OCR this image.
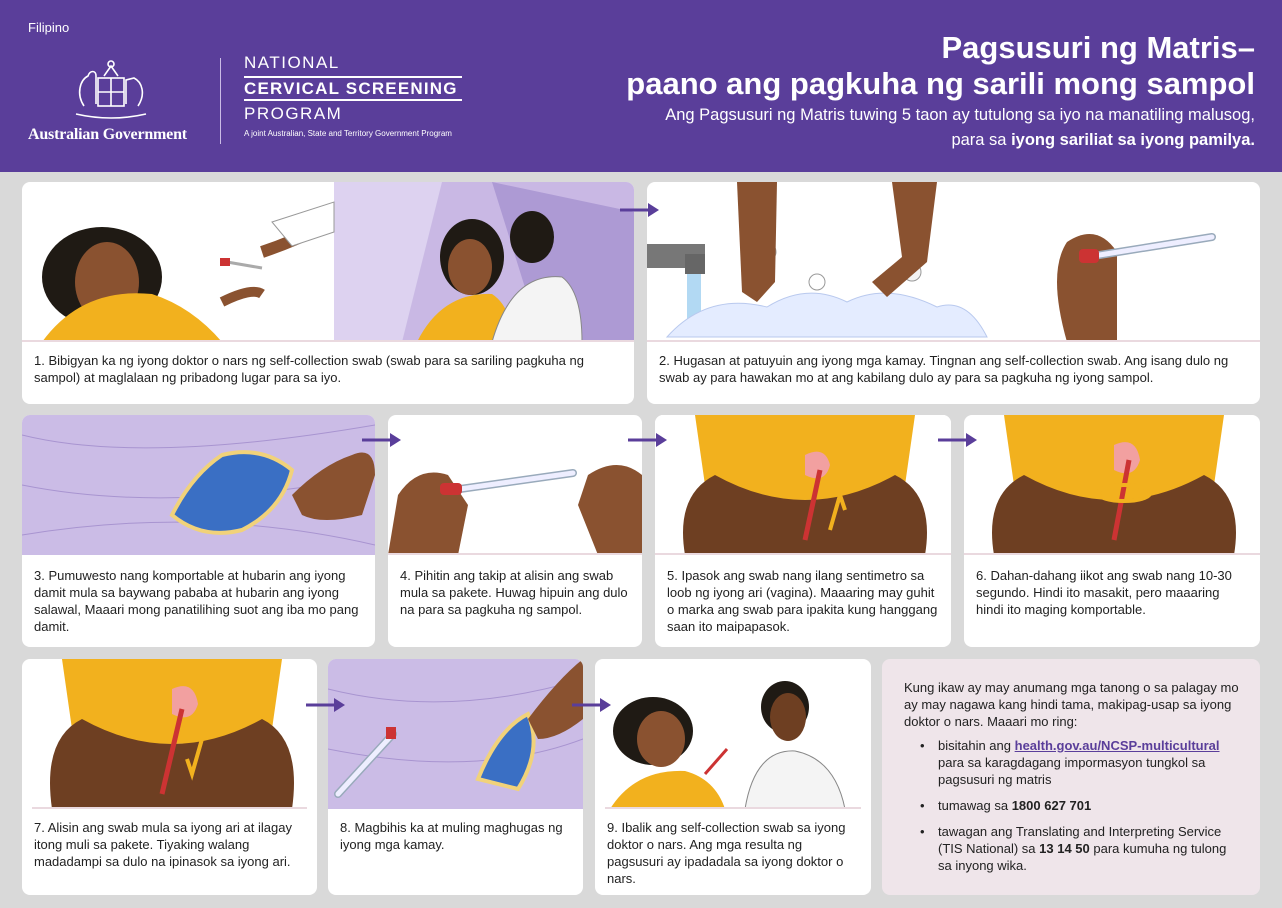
Filipino
Australian Government
NATIONAL
CERVICAL SCREENING
PROGRAM
A joint Australian, State and Territory Government Program
Pagsusuri ng Matris–
paano ang pagkuha ng sarili mong sampol
Ang Pagsusuri ng Matris tuwing 5 taon ay tutulong sa iyo na manatiling malusog,
para sa iyong sariliat sa iyong pamilya.
1. Bibigyan ka ng iyong doktor o nars ng self-collection swab (swab para sa sariling pagkuha ng sampol) at maglalaan ng pribadong lugar para sa iyo.
2. Hugasan at patuyuin ang iyong mga kamay. Tingnan ang self-collection swab. Ang isang dulo ng swab ay para hawakan mo at ang kabilang dulo ay para sa pagkuha ng iyong sampol.
3. Pumuwesto nang komportable at hubarin ang iyong damit mula sa baywang pababa at hubarin ang iyong salawal, Maaari mong panatilihing suot ang iba mo pang damit.
4. Pihitin ang takip at alisin ang swab mula sa pakete. Huwag hipuin ang dulo na para sa pagkuha ng sampol.
5. Ipasok ang swab nang ilang sentimetro sa loob ng iyong ari (vagina). Maaaring may guhit o marka ang swab para ipakita kung hanggang saan ito maipapasok.
6. Dahan-dahang iikot ang swab nang 10-30 segundo. Hindi ito masakit, pero maaaring hindi ito maging komportable.
7. Alisin ang swab mula sa iyong ari at ilagay itong muli sa pakete. Tiyaking walang madadampi sa dulo na ipinasok sa iyong ari.
8. Magbihis ka at muling maghugas ng iyong mga kamay.
9. Ibalik ang self-collection swab sa iyong doktor o nars. Ang mga resulta ng pagsusuri ay ipadadala sa iyong doktor o nars.
Kung ikaw ay may anumang mga tanong o sa palagay mo ay may nagawa kang hindi tama, makipag-usap sa iyong doktor o nars. Maaari mo ring:
• bisitahin ang health.gov.au/NCSP-multicultural para sa karagdagang impormasyon tungkol sa pagsusuri ng matris
• tumawag sa 1800 627 701
• tawagan ang Translating and Interpreting Service (TIS National) sa 13 14 50 para kumuha ng tulong sa inyong wika.
